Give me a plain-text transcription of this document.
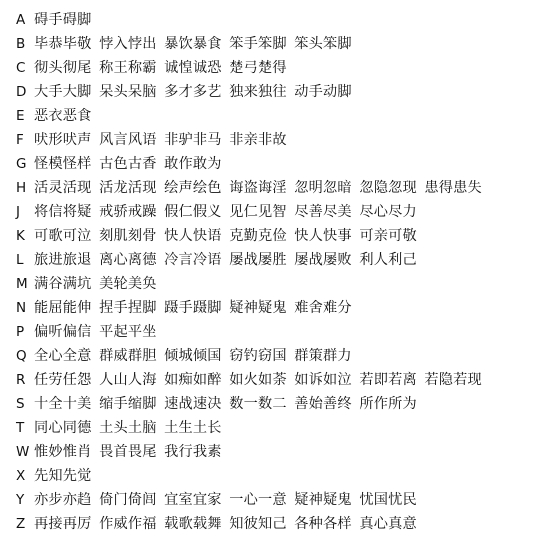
A 碍手碍脚
B 毕恭毕敬 悖入悖出 暴饮暴食 笨手笨脚 笨头笨脚
C 彻头彻尾 称王称霸 诚惶诚恐 楚弓楚得
D 大手大脚 呆头呆脑 多才多艺 独来独往 动手动脚
E 恶衣恶食
F 吠形吠声 风言风语 非驴非马 非亲非故
G 怪模怪样 古色古香 敢作敢为
H 活灵活现 活龙活现 绘声绘色 诲盗诲淫 忽明忽暗 忽隐忽现 患得患失
J 将信将疑 戒骄戒躁 假仁假义 见仁见智 尽善尽美 尽心尽力
K 可歌可泣 刻肌刻骨 快人快语 克勤克俭 快人快事 可亲可敬
L 旅进旅退 离心离德 冷言冷语 屡战屡胜 屡战屡败 利人利己
M 满谷满坑 美轮美奂
N 能屈能伸 捏手捏脚 蹑手蹑脚 疑神疑鬼 难舍难分
P 偏听偏信 平起平坐
Q 全心全意 群威群胆 倾城倾国 窃钓窃国 群策群力
R 任劳任怨 人山人海 如痴如醉 如火如荼 如诉如泣 若即若离 若隐若现
S 十全十美 缩手缩脚 速战速决 数一数二 善始善终 所作所为
T 同心同德 土头土脑 土生土长
W 惟妙惟肖 畏首畏尾 我行我素
X 先知先觉
Y 亦步亦趋 倚门倚闾 宜室宜家 一心一意 疑神疑鬼 忧国忧民
Z 再接再厉 作威作福 载歌载舞 知彼知己 各种各样 真心真意
